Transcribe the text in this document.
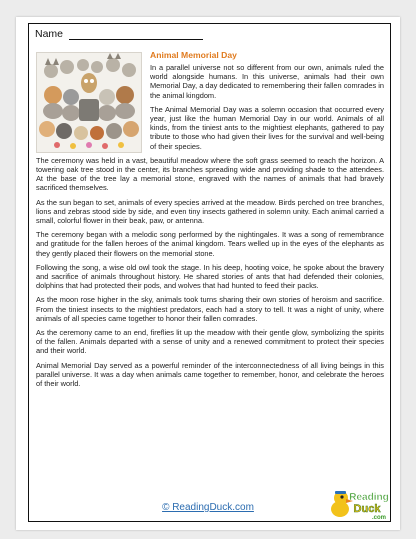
Name
Animal Memorial Day

In a parallel universe not so different from our own, animals ruled the world alongside humans. In this universe, animals had their own Memorial Day, a day dedicated to remembering their fallen comrades in the animal kingdom.

The Animal Memorial Day was a solemn occasion that occurred every year, just like the human Memorial Day in our world. Animals of all kinds, from the tiniest ants to the mightiest elephants, gathered to pay tribute to those who had given their lives for the survival and well-being of their species.

The ceremony was held in a vast, beautiful meadow where the soft grass seemed to reach the horizon. A towering oak tree stood in the center, its branches spreading wide and providing shade to the attendees. At the base of the tree lay a memorial stone, engraved with the names of animals that had bravely sacrificed themselves.

As the sun began to set, animals of every species arrived at the meadow. Birds perched on tree branches, lions and zebras stood side by side, and even tiny insects gathered in solemn unity. Each animal carried a small, colorful flower in their beak, paw, or antenna.

The ceremony began with a melodic song performed by the nightingales. It was a song of remembrance and gratitude for the fallen heroes of the animal kingdom. Tears welled up in the eyes of the elephants as they gently placed their flowers on the memorial stone.

Following the song, a wise old owl took the stage. In his deep, hooting voice, he spoke about the bravery and sacrifice of animals throughout history. He shared stories of ants that had defended their colonies, dolphins that had protected their pods, and wolves that had hunted to feed their packs.

As the moon rose higher in the sky, animals took turns sharing their own stories of heroism and sacrifice. From the tiniest insects to the mightiest predators, each had a story to tell. It was a night of unity, where animals of all species came together to honor their fallen comrades.

As the ceremony came to an end, fireflies lit up the meadow with their gentle glow, symbolizing the spirits of the fallen. Animals departed with a sense of unity and a renewed commitment to protect their species and their world.

Animal Memorial Day served as a powerful reminder of the interconnectedness of all living beings in this parallel universe. It was a day when animals came together to remember, honor, and celebrate the heroes of their world.

© ReadingDuck.com
Reading
Duck
.com
